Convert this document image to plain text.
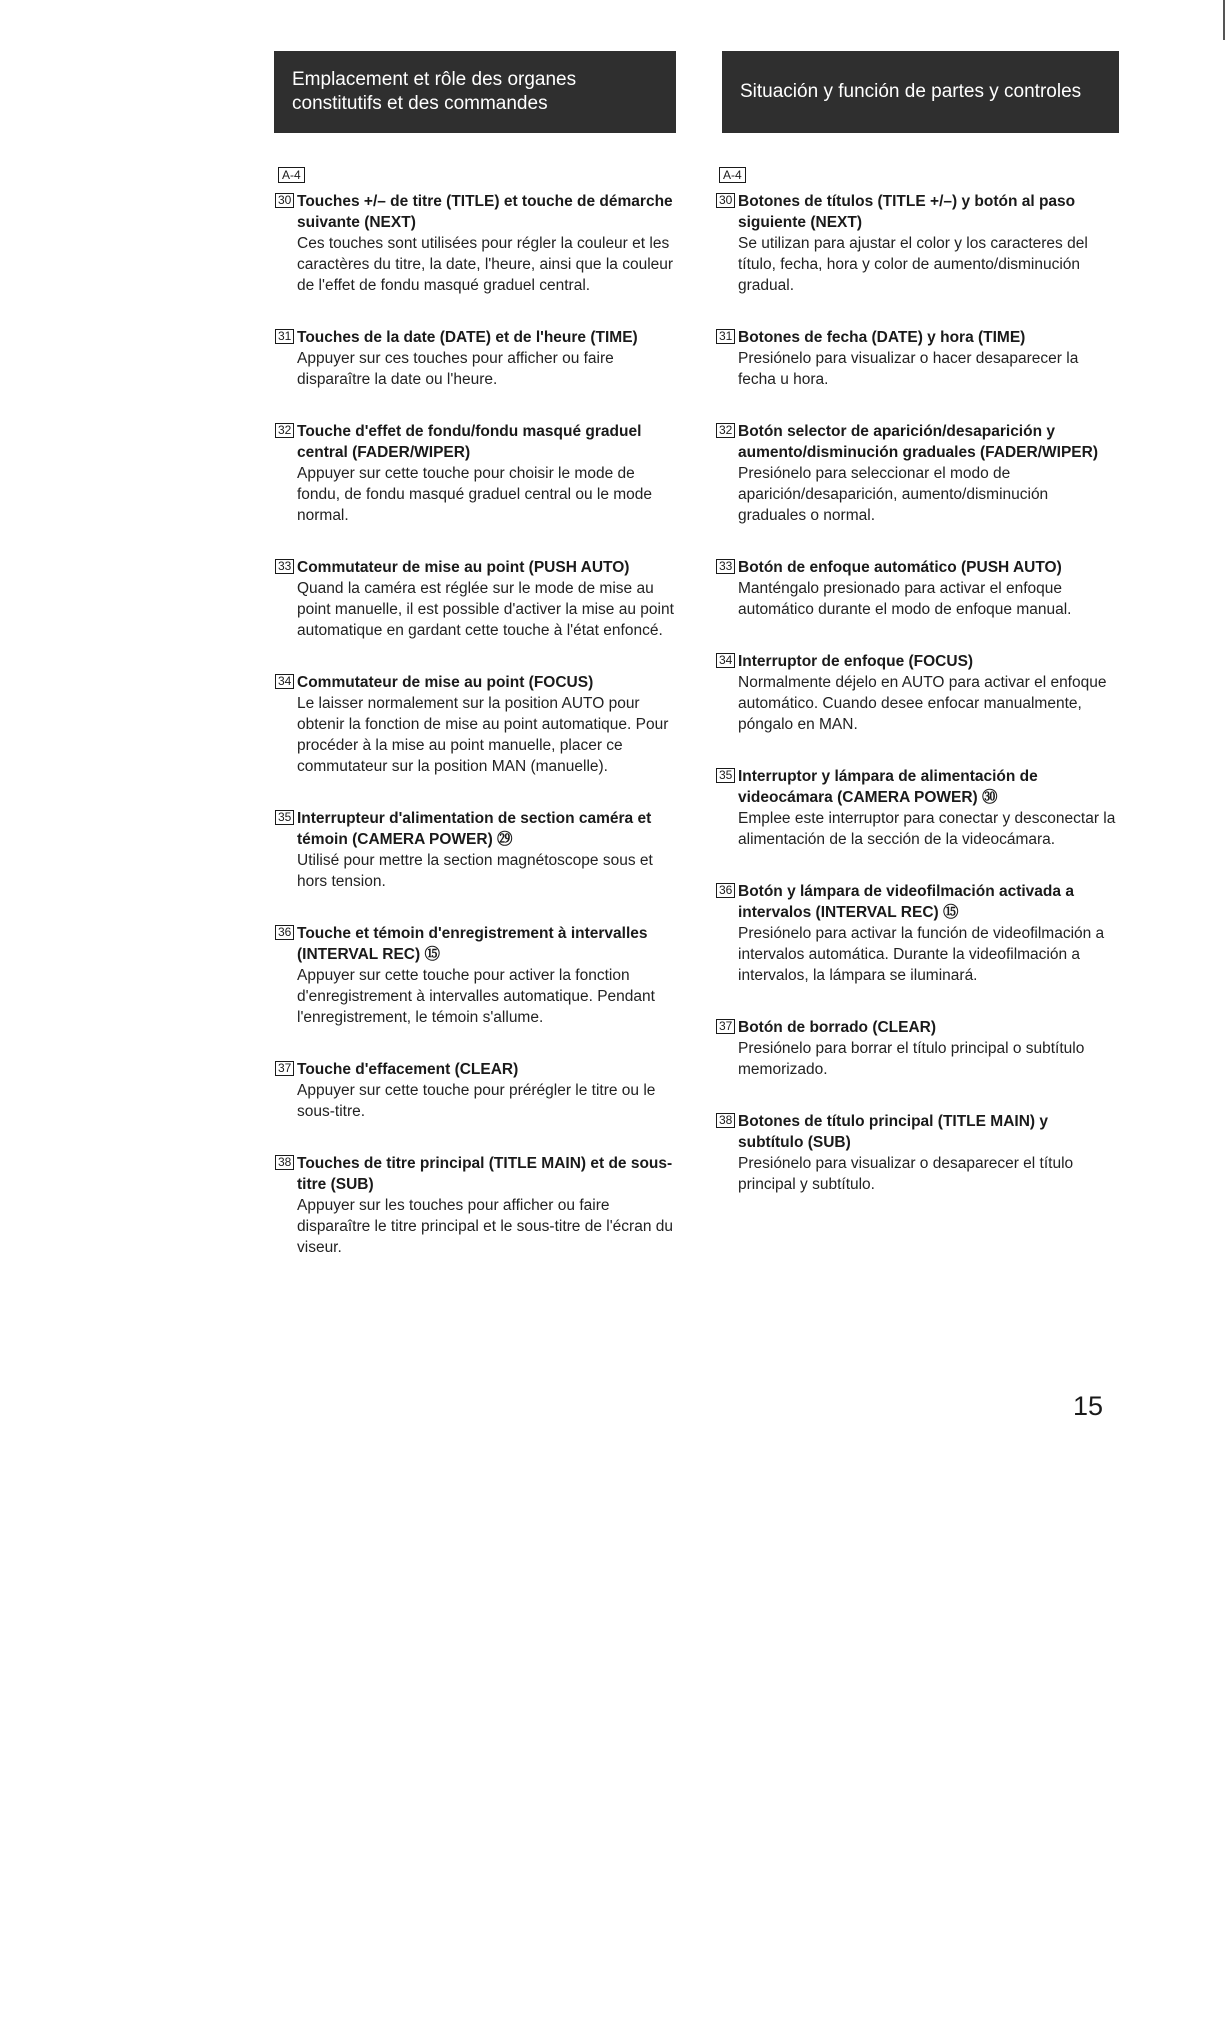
Emplacement et rôle des organes
constitutifs et des commandes
Situación y función de partes y controles
A-4
30 Touches +/– de titre (TITLE) et touche de démarche suivante (NEXT)
Ces touches sont utilisées pour régler la couleur et les caractères du titre, la date, l'heure, ainsi que la couleur de l'effet de fondu masqué graduel central.
31 Touches de la date (DATE) et de l'heure (TIME)
Appuyer sur ces touches pour afficher ou faire disparaître la date ou l'heure.
32 Touche d'effet de fondu/fondu masqué graduel central (FADER/WIPER)
Appuyer sur cette touche pour choisir le mode de fondu, de fondu masqué graduel central ou le mode normal.
33 Commutateur de mise au point (PUSH AUTO)
Quand la caméra est réglée sur le mode de mise au point manuelle, il est possible d'activer la mise au point automatique en gardant cette touche à l'état enfoncé.
34 Commutateur de mise au point (FOCUS)
Le laisser normalement sur la position AUTO pour obtenir la fonction de mise au point automatique. Pour procéder à la mise au point manuelle, placer ce commutateur sur la position MAN (manuelle).
35 Interrupteur d'alimentation de section caméra et témoin (CAMERA POWER) ㉙
Utilisé pour mettre la section magnétoscope sous et hors tension.
36 Touche et témoin d'enregistrement à intervalles (INTERVAL REC) ⑮
Appuyer sur cette touche pour activer la fonction d'enregistrement à intervalles automatique. Pendant l'enregistrement, le témoin s'allume.
37 Touche d'effacement (CLEAR)
Appuyer sur cette touche pour prérégler le titre ou le sous-titre.
38 Touches de titre principal (TITLE MAIN) et de sous-titre (SUB)
Appuyer sur les touches pour afficher ou faire disparaître le titre principal et le sous-titre de l'écran du viseur.
A-4
30 Botones de títulos (TITLE +/–) y botón al paso siguiente (NEXT)
Se utilizan para ajustar el color y los caracteres del título, fecha, hora y color de aumento/disminución gradual.
31 Botones de fecha (DATE) y hora (TIME)
Presiónelo para visualizar o hacer desaparecer la fecha u hora.
32 Botón selector de aparición/desaparición y aumento/disminución graduales (FADER/WIPER)
Presiónelo para seleccionar el modo de aparición/desaparición, aumento/disminución graduales o normal.
33 Botón de enfoque automático (PUSH AUTO)
Manténgalo presionado para activar el enfoque automático durante el modo de enfoque manual.
34 Interruptor de enfoque (FOCUS)
Normalmente déjelo en AUTO para activar el enfoque automático. Cuando desee enfocar manualmente, póngalo en MAN.
35 Interruptor y lámpara de alimentación de videocámara (CAMERA POWER) ㉚
Emplee este interruptor para conectar y desconectar la alimentación de la sección de la videocámara.
36 Botón y lámpara de videofilmación activada a intervalos (INTERVAL REC) ⑮
Presiónelo para activar la función de videofilmación a intervalos automática. Durante la videofilmación a intervalos, la lámpara se iluminará.
37 Botón de borrado (CLEAR)
Presiónelo para borrar el título principal o subtítulo memorizado.
38 Botones de título principal (TITLE MAIN) y subtítulo (SUB)
Presiónelo para visualizar o desaparecer el título principal y subtítulo.
15
